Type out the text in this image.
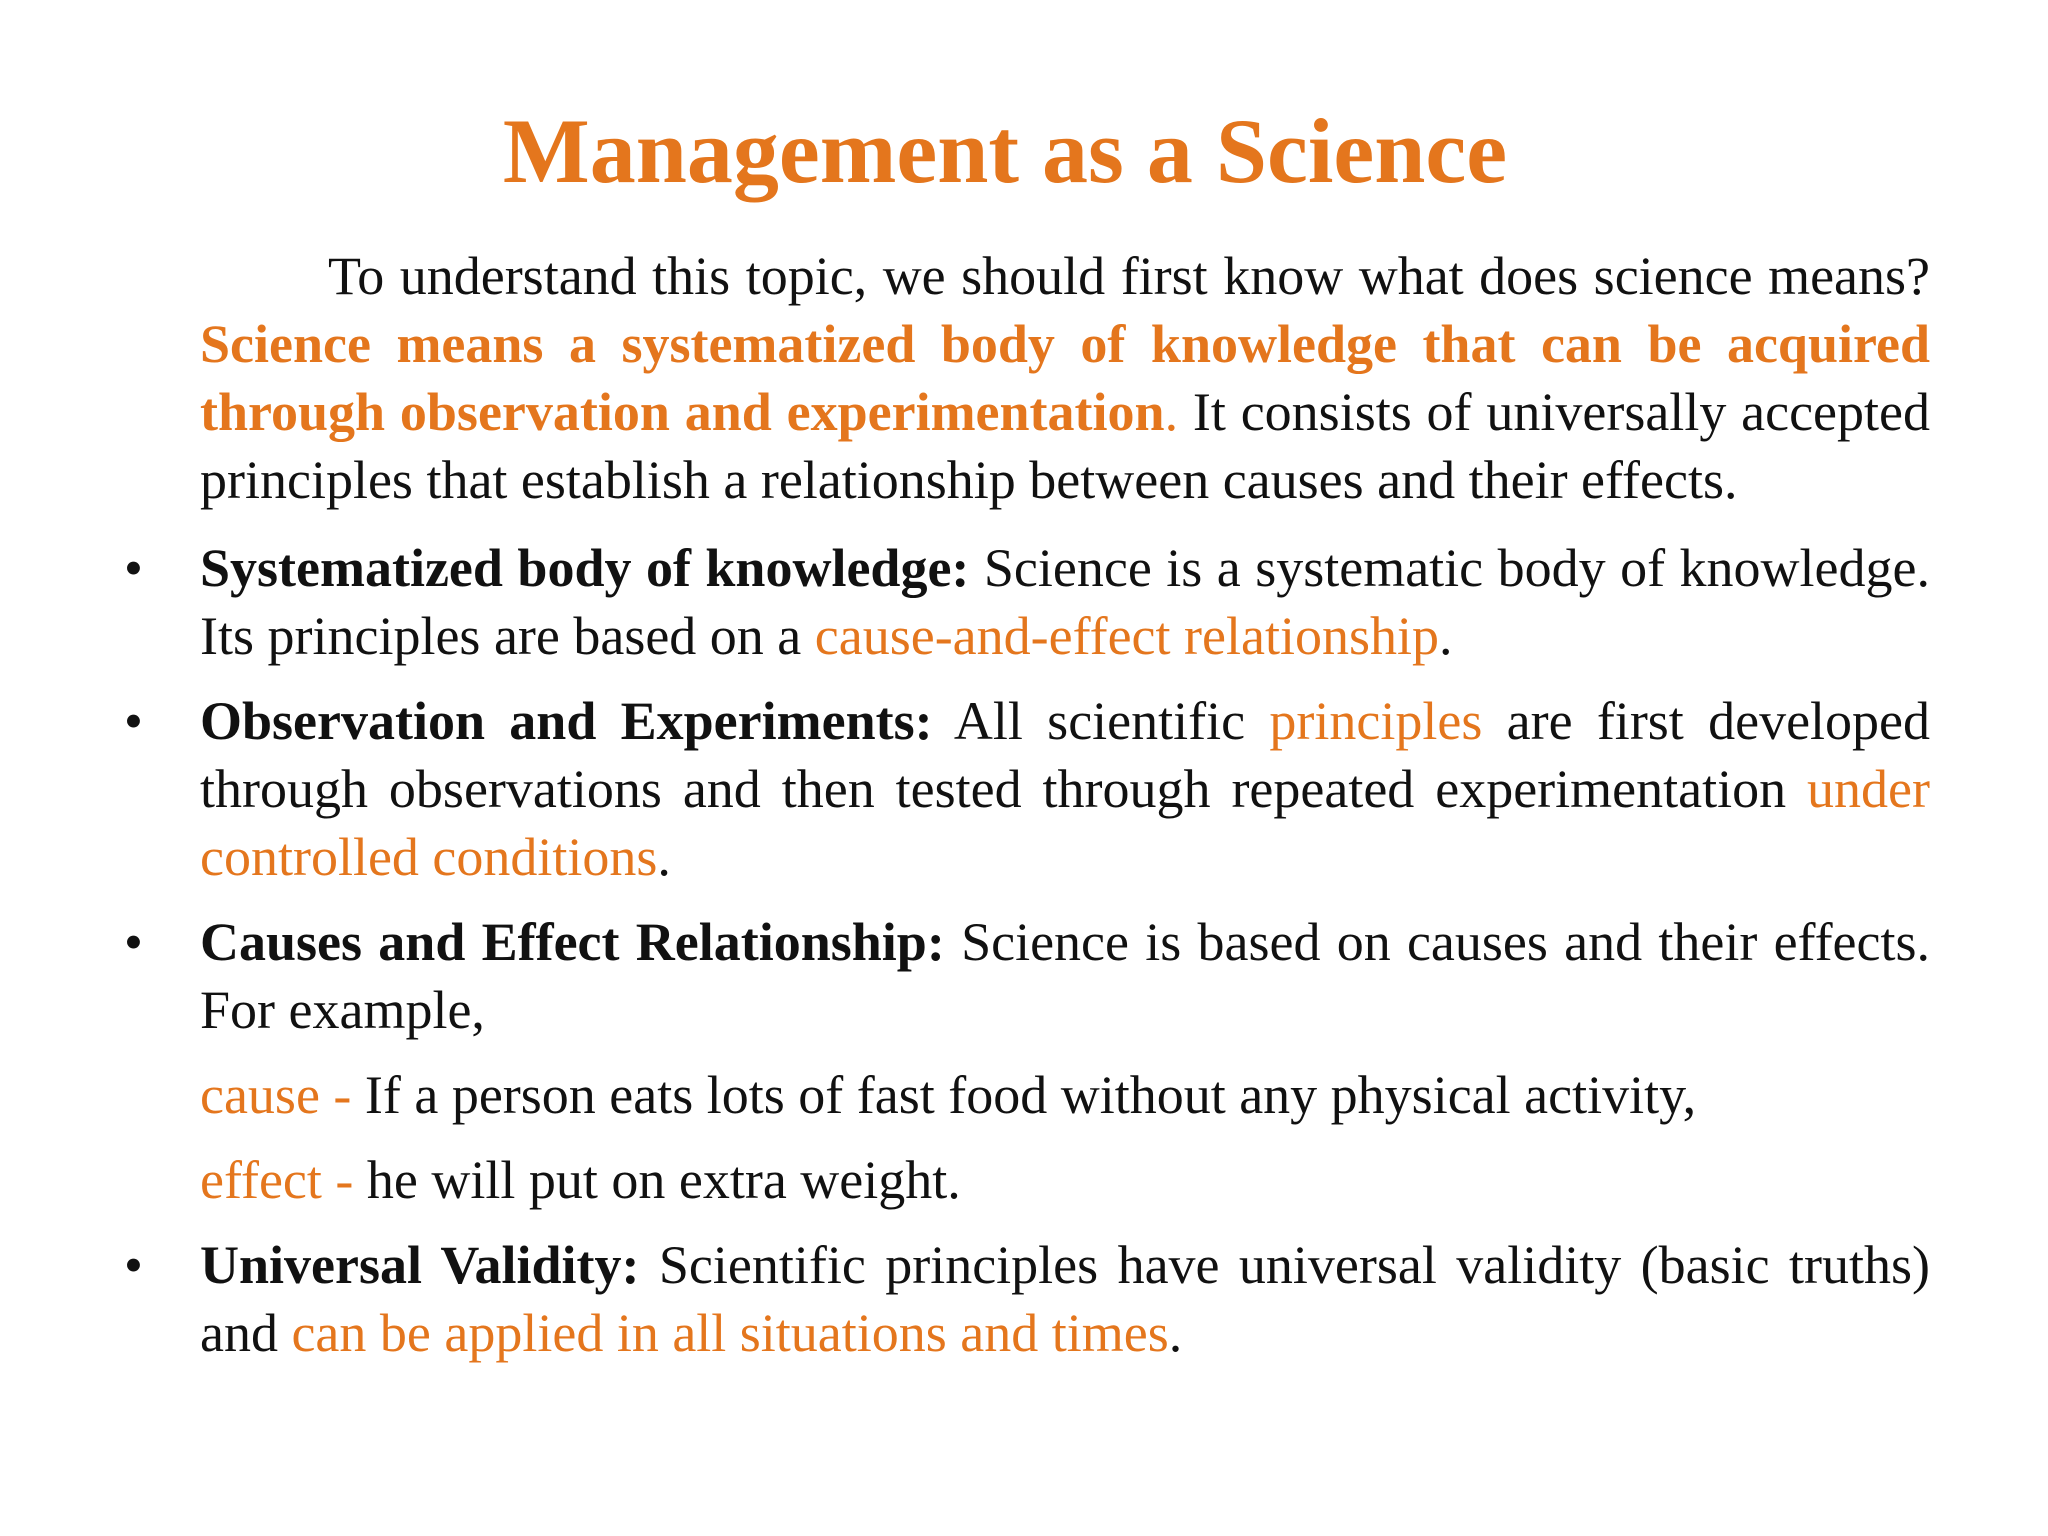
Management as a Science

To understand this topic, we should first know what does science means? Science means a systematized body of knowledge that can be acquired through observation and experimentation. It consists of universally accepted principles that establish a relationship between causes and their effects.

• Systematized body of knowledge: Science is a systematic body of knowledge. Its principles are based on a cause-and-effect relationship.

• Observation and Experiments: All scientific principles are first developed through observations and then tested through repeated experimentation under controlled conditions.

• Causes and Effect Relationship: Science is based on causes and their effects. For example,

cause - If a person eats lots of fast food without any physical activity,

effect - he will put on extra weight.

• Universal Validity: Scientific principles have universal validity (basic truths) and can be applied in all situations and times.
